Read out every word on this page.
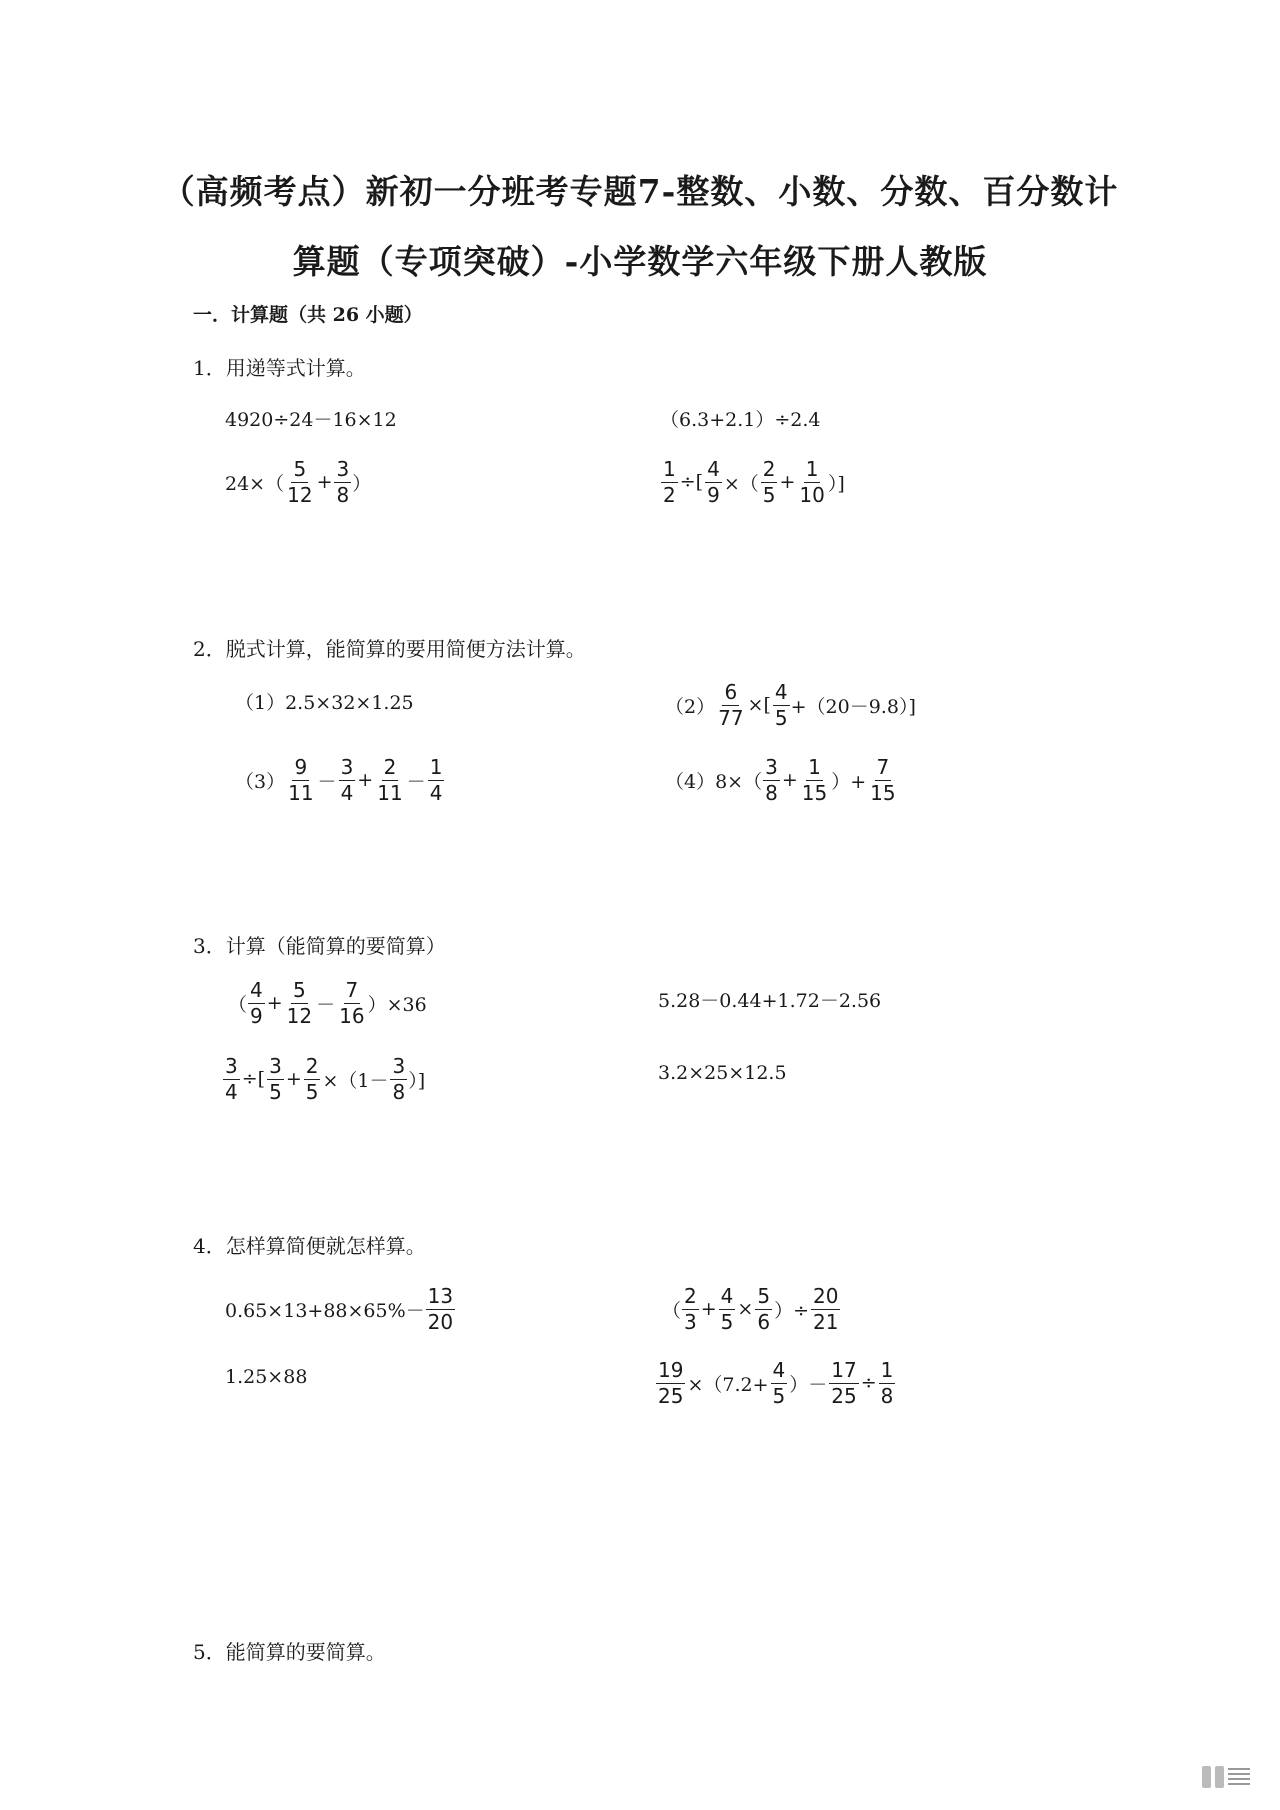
（高频考点）新初一分班考专题7-整数、小数、分数、百分数计
算题（专项突破）-小学数学六年级下册人教版
一．计算题（共 26 小题）
1．用递等式计算。
4920÷24－16×12	（6.3+2.1）÷2.4
$24\times( \frac{5}{12} + \frac{3}{8}$ ）	$\frac{1}{2}$ ÷[ $\frac{4}{9}$ ×（ $\frac{2}{5} + \frac{1}{10}$ ）]
2．脱式计算，能简算的要用简便方法计算。
（1）2.5×32×1.25	$(2) \frac{6}{77}$ ×[ $\frac{4}{5} +(20-9.8)$]
$(3) \frac{9}{11} - \frac{3}{4} + \frac{2}{11} - \frac{1}{4}$	$(4)8\times( \frac{3}{8} + \frac{1}{15}$ ）+ $\frac{7}{15}$
3．计算（能简算的要简算）
（ $\frac{4}{9} + \frac{5}{12} - \frac{7}{16} )\times 36$	5.28－0.44+1.72－2.56
$\frac{3}{4}$ ÷[ $\frac{3}{5} + \frac{2}{5} \times(1- \frac{3}{8}$ ）]	3.2×25×12.5
4．怎样算简便就怎样算。
$0.65\times 13+88\times 65\%- \frac{13}{20}$	（ $\frac{2}{3} + \frac{4}{5} \times \frac{5}{6}$ ）÷ $\frac{20}{21}$
1.25×88	$\frac{19}{25} \times(7.2+ \frac{4}{5}$ ）－ $\frac{17}{25} \div \frac{1}{8}$
5．能简算的要简算。
